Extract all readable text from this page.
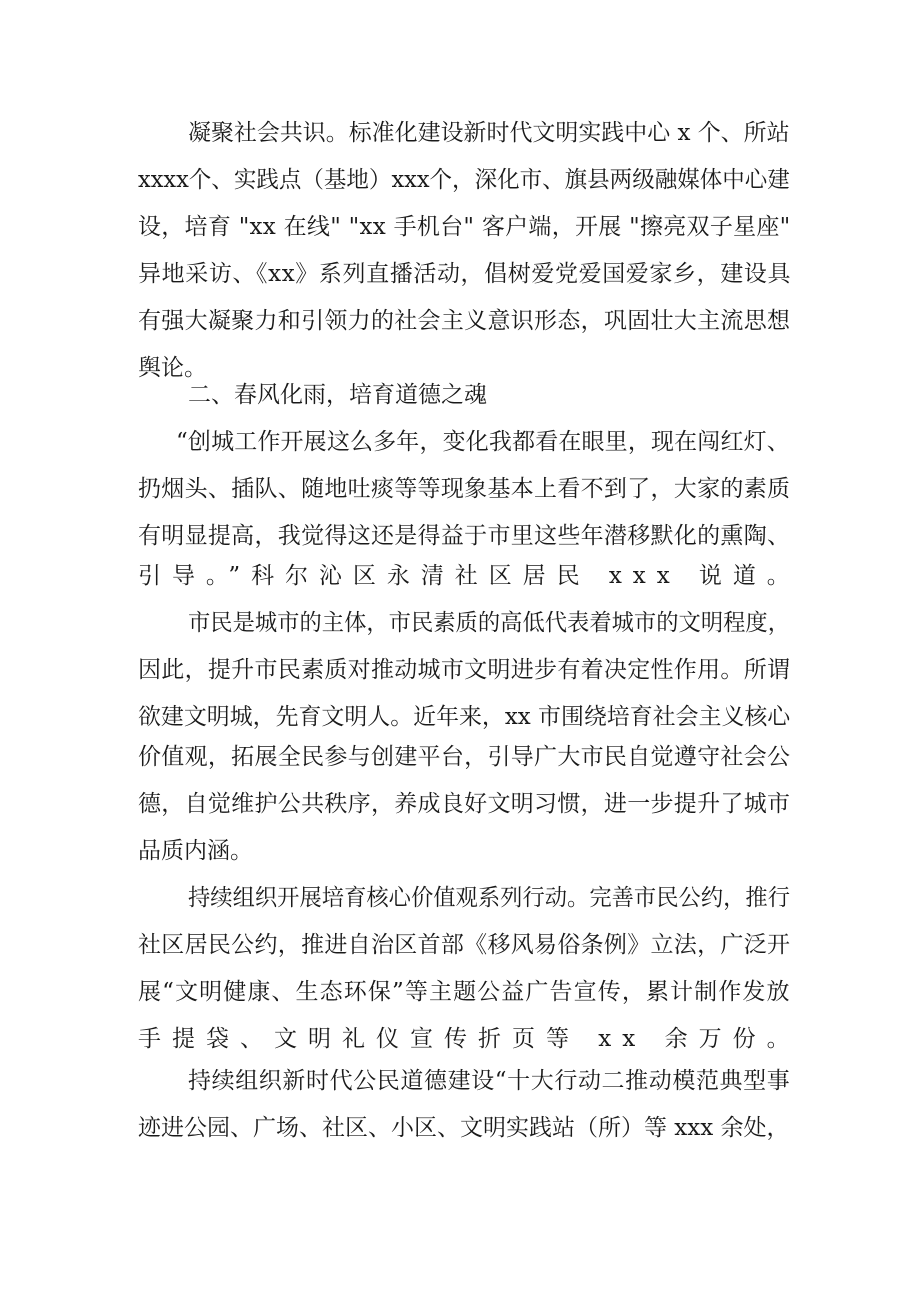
凝聚社会共识。标准化建设新时代文明实践中心 x 个、所站
xxxx个、实践点（基地）xxx个，深化市、旗县两级融媒体中心建
设，培育 "xx 在线" "xx 手机台" 客户端，开展 "擦亮双子星座"
异地采访、《xx》系列直播活动，倡树爱党爱国爱家乡，建设具
有强大凝聚力和引领力的社会主义意识形态，巩固壮大主流思想
舆论。
二、春风化雨，培育道德之魂
“创城工作开展这么多年，变化我都看在眼里，现在闯红灯、
扔烟头、插队、随地吐痰等等现象基本上看不到了，大家的素质
有明显提高，我觉得这还是得益于市里这些年潜移默化的熏陶、
引导。”科尔沁区永清社区居民 xxx 说道。
市民是城市的主体，市民素质的高低代表着城市的文明程度，
因此，提升市民素质对推动城市文明进步有着决定性作用。所谓
欲建文明城，先育文明人。近年来，xx 市围绕培育社会主义核心
价值观，拓展全民参与创建平台，引导广大市民自觉遵守社会公
德，自觉维护公共秩序，养成良好文明习惯，进一步提升了城市
品质内涵。
持续组织开展培育核心价值观系列行动。完善市民公约，推行
社区居民公约，推进自治区首部《移风易俗条例》立法，广泛开
展“文明健康、生态环保”等主题公益广告宣传，累计制作发放
手提袋、文明礼仪宣传折页等 xx 余万份。
持续组织新时代公民道德建设“十大行动二推动模范典型事
迹进公园、广场、社区、小区、文明实践站（所）等 xxx 余处，
